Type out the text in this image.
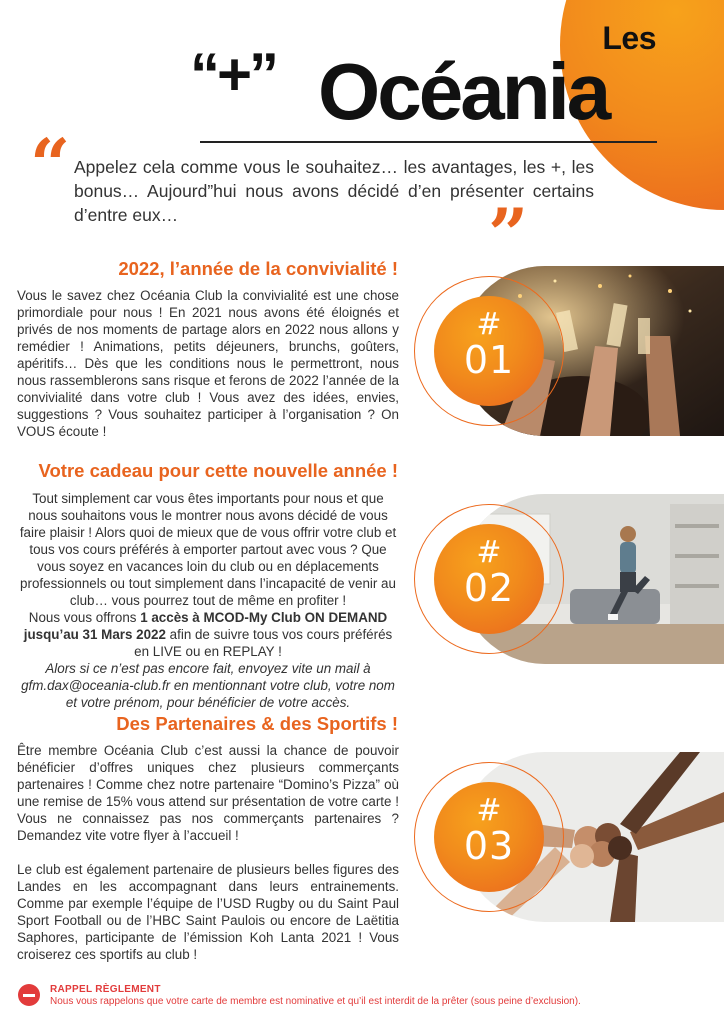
Les
“+” Océania
“ Appelez cela comme vous le souhaitez… les avantages, les +, les bonus… Aujourd”hui nous avons décidé d’en présenter certains d’entre eux…	”
2022, l’année de la convivialité !

Vous le savez chez Océania Club la convivialité est une chose primordiale pour nous ! En 2021 nous avons été éloignés et privés de nos moments de partage alors en 2022 nous allons y remédier ! Animations, petits déjeuners, brunchs, goûters, apéritifs… Dès que les conditions nous le permettront, nous nous rassemblerons sans risque et ferons de 2022 l’année de la convivialité dans votre club ! Vous avez des idées, envies, suggestions ? Vous souhaitez participer à l’organisation ? On VOUS écoute !

#
01
Votre cadeau pour cette nouvelle année !

Tout simplement car vous êtes importants pour nous et que nous souhaitons vous le montrer nous avons décidé de vous faire plaisir ! Alors quoi de mieux que de vous offrir votre club et tous vos cours préférés à emporter partout avec vous ? Que vous soyez en vacances loin du club ou en déplacements professionnels ou tout simplement dans l’incapacité de venir au club… vous pourrez tout de même en profiter !

Nous vous offrons 1 accès à MCOD-My Club ON DEMAND jusqu’au 31 Mars 2022 afin de suivre tous vos cours préférés en LIVE ou en REPLAY !

Alors si ce n’est pas encore fait, envoyez vite un mail à gfm.dax@oceania-club.fr en mentionnant votre club, votre nom et votre prénom, pour bénéficier de votre accès.

#
02
Des Partenaires & des Sportifs !

Être membre Océania Club c’est aussi la chance de pouvoir bénéficier d’offres uniques chez plusieurs commerçants partenaires ! Comme chez notre partenaire “Domino’s Pizza” où une remise de 15% vous attend sur présentation de votre carte ! Vous ne connaissez pas nos commerçants partenaires ? Demandez vite votre flyer à l’accueil !

Le club est également partenaire de plusieurs belles figures des Landes en les accompagnant dans leurs entrainements. Comme par exemple l’équipe de l’USD Rugby ou du Saint Paul Sport Football ou de l’HBC Saint Paulois ou encore de Laëtitia Saphores, participante de l’émission Koh Lanta 2021 ! Vous croiserez ces sportifs au club !

#
03
RAPPEL RÈGLEMENT
Nous vous rappelons que votre carte de membre est nominative et qu’il est interdit de la prêter (sous peine d’exclusion).
